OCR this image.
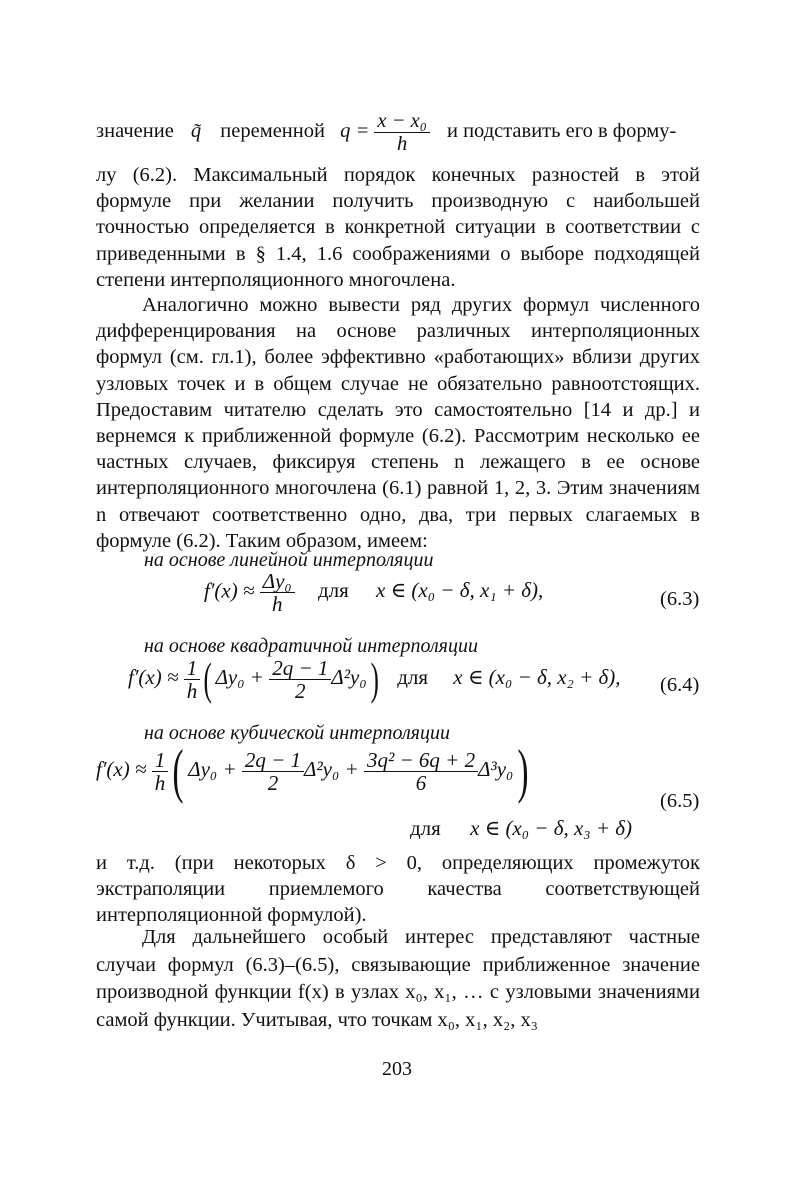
значение q̃ переменной $q = \frac{\text{x − x₀}}{h}$ и подставить его в форму-
лу (6.2). Максимальный порядок конечных разностей в этой формуле при желании получить производную с наибольшей точностью определяется в конкретной ситуации в соответствии с приведенными в § 1.4, 1.6 соображениями о выборе подходящей степени интерполяционного многочлена.
Аналогично можно вывести ряд других формул численного дифференцирования на основе различных интерполяционных формул (см. гл.1), более эффективно «работающих» вблизи других узловых точек и в общем случае не обязательно равноотстоящих. Предоставим читателю сделать это самостоятельно [14 и др.] и вернемся к приближенной формуле (6.2). Рассмотрим несколько ее частных случаев, фиксируя степень n лежащего в ее основе интерполяционного многочлена (6.1) равной 1, 2, 3. Этим значениям n отвечают соответственно одно, два, три первых слагаемых в формуле (6.2). Таким образом, имеем:
на основе линейной интерполяции
$f'(x) \approx \frac{\text{Δy₀}}{h}$ для x ∈ (x₀ − δ, x₁ + δ),	(6.3)
на основе квадратичной интерполяции
$f'(x) \approx \frac{1}{h}$ ( $\Delta y_0 + \frac{2q - 1}{2} \Delta^2y_0$) для x ∈ (x₀ − δ, x₂ + δ), (6.4)
на основе кубической интерполяции
$f'(x) \approx \frac{1}{h}$ ( $\Delta y_0 + \frac{2q - 1}{2} \Delta^2y_0 + \frac{\text{3q² − 6q + 2}}{6} \Delta^3y_0$)
для x ∈ (x₀ − δ, x₃ + δ)
(6.5)
и т.д. (при некоторых δ > 0, определяющих промежуток экстраполяции приемлемого качества соответствующей интерполяционной формулой).
Для дальнейшего особый интерес представляют частные случаи формул (6.3)–(6.5), связывающие приближенное значение производной функции f(x) в узлах x₀, x₁, … с узловыми значениями самой функции. Учитывая, что точкам x₀, x₁, x₂, x₃
203
